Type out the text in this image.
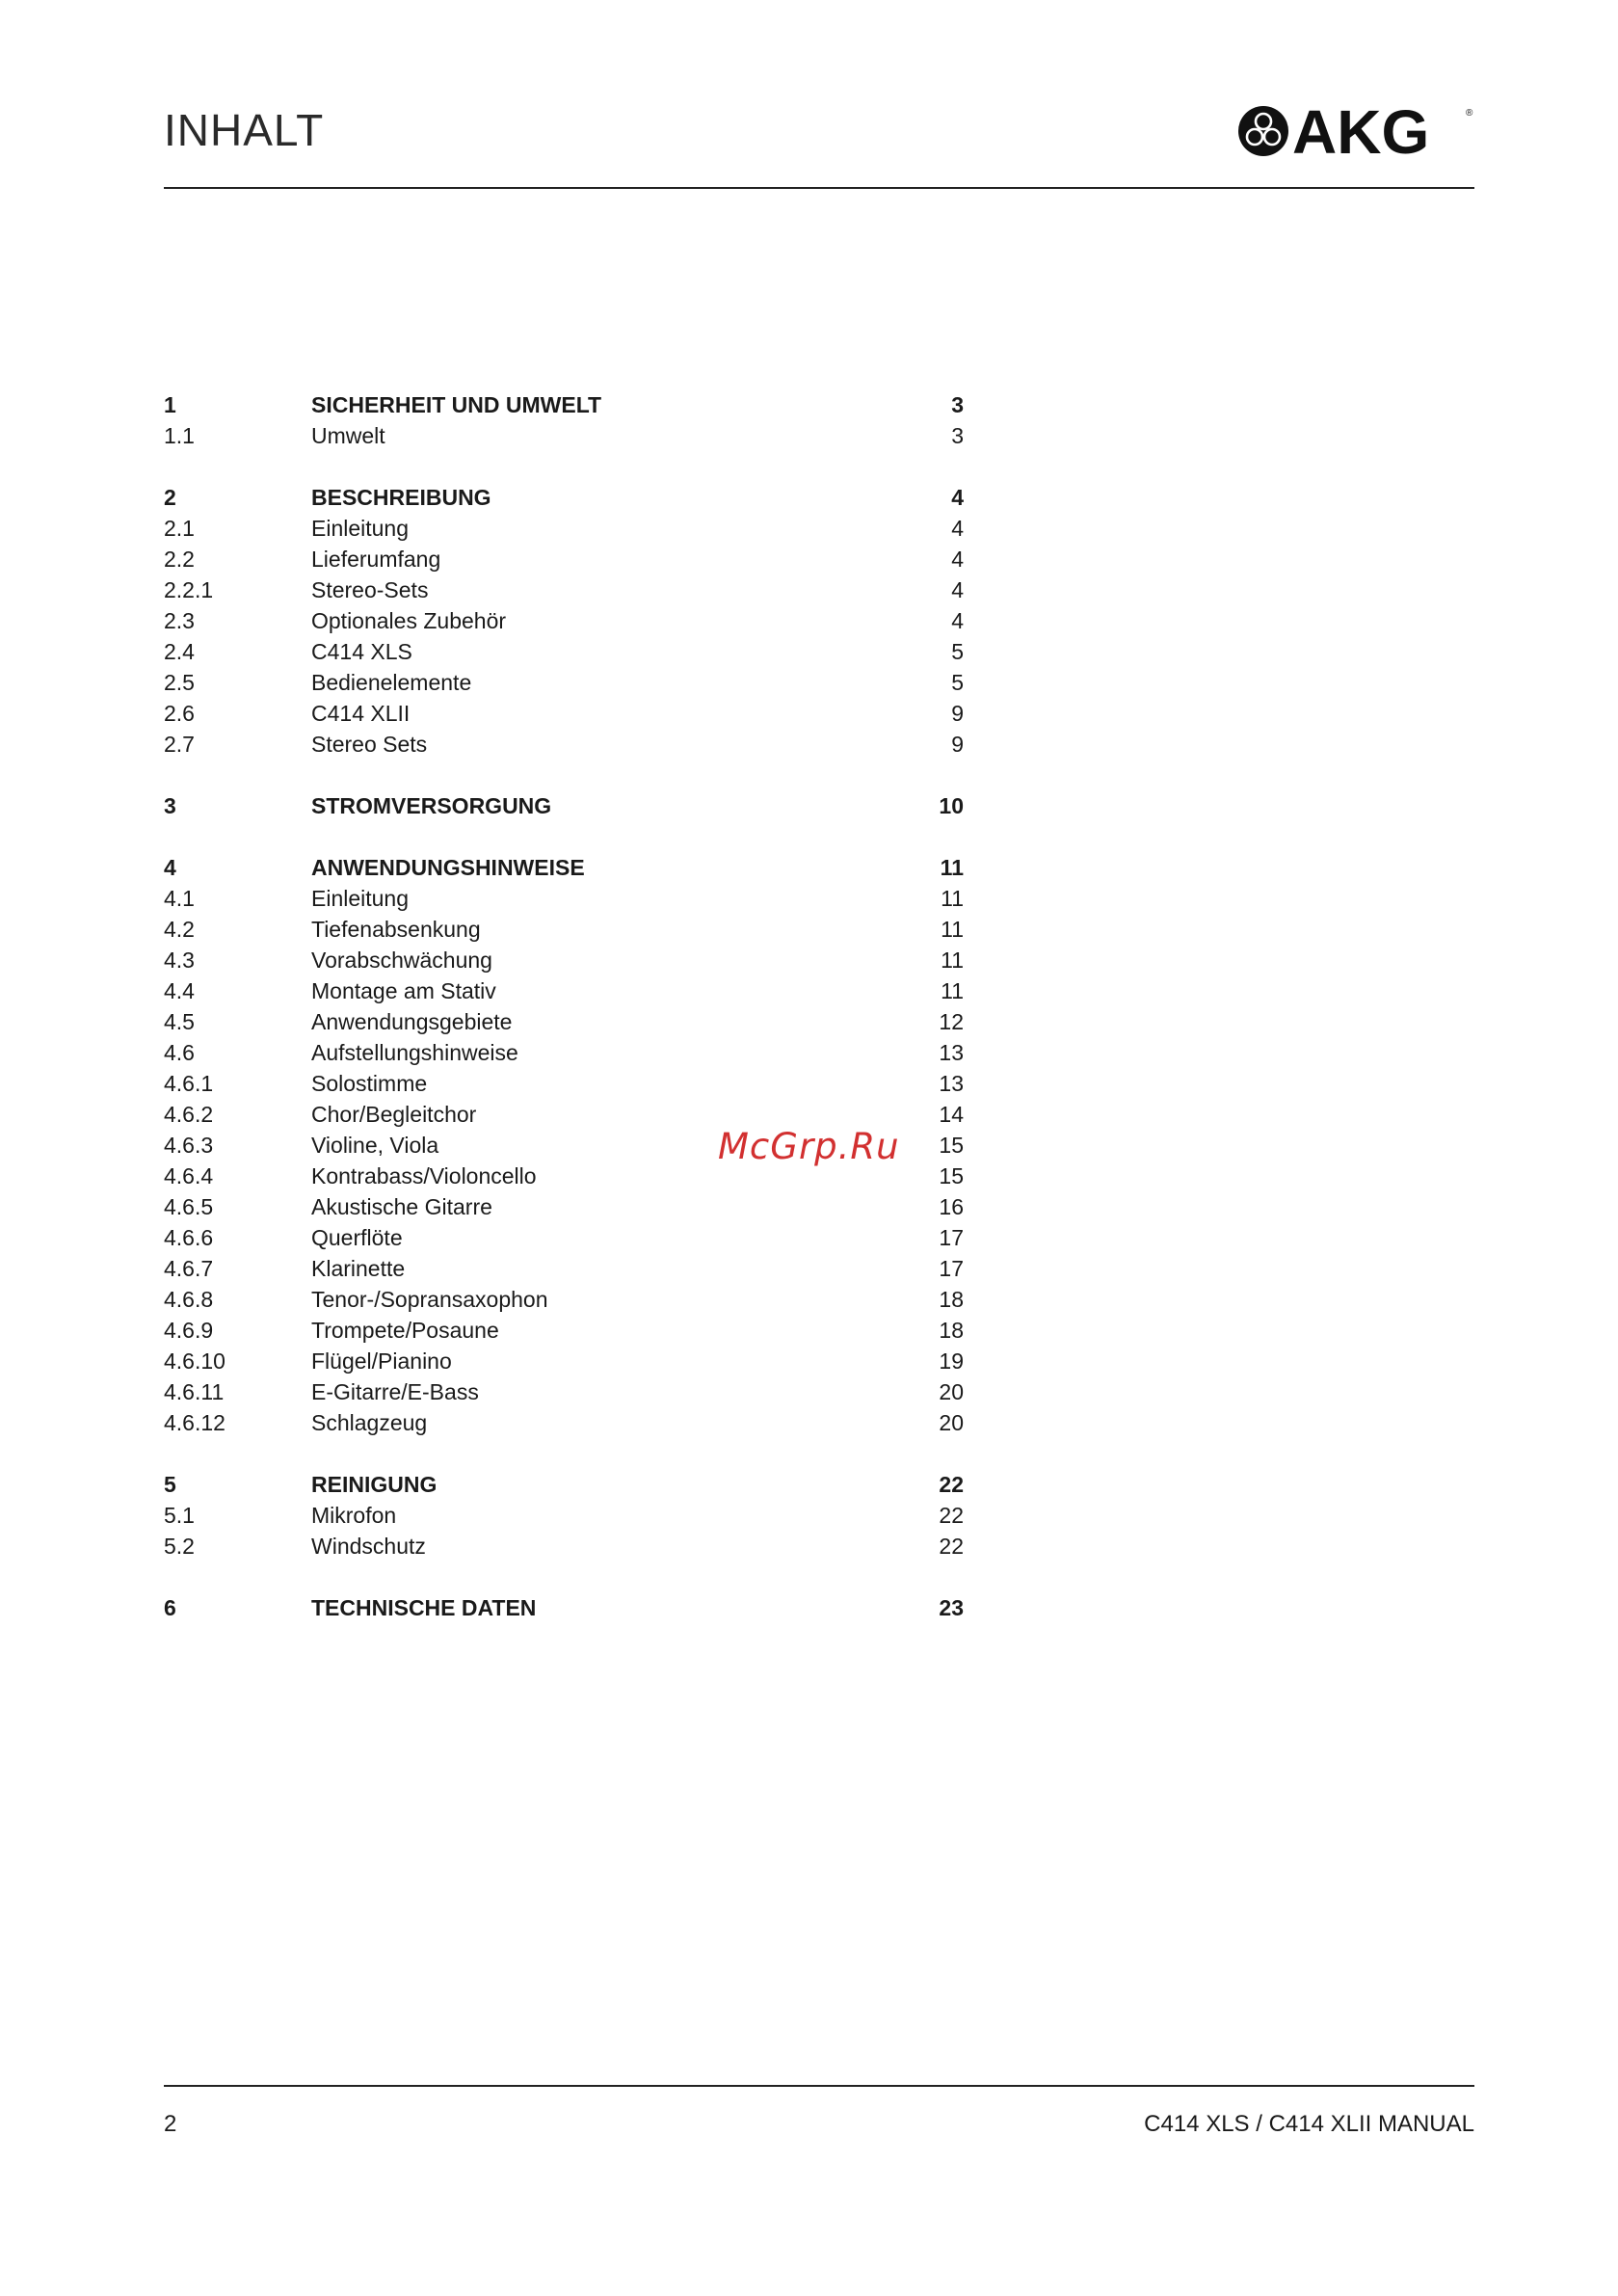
INHALT	AKG	®
1	SICHERHEIT UND UMWELT	3
1.1	Umwelt	3
2	BESCHREIBUNG	4
2.1	Einleitung	4
2.2	Lieferumfang	4
2.2.1	Stereo-Sets	4
2.3	Optionales Zubehör	4
2.4	C414 XLS	5
2.5	Bedienelemente	5
2.6	C414 XLII	9
2.7	Stereo Sets	9
3	STROMVERSORGUNG	10
4	ANWENDUNGSHINWEISE	11
4.1	Einleitung	11
4.2	Tiefenabsenkung	11
4.3	Vorabschwächung	11
4.4	Montage am Stativ	11
4.5	Anwendungsgebiete	12
4.6	Aufstellungshinweise	13
4.6.1	Solostimme	13
4.6.2	Chor/Begleitchor	14
4.6.3	Violine, Viola	15
4.6.4	Kontrabass/Violoncello	15
4.6.5	Akustische Gitarre	16
4.6.6	Querflöte	17
4.6.7	Klarinette	17
4.6.8	Tenor-/Sopransaxophon	18
4.6.9	Trompete/Posaune	18
4.6.10	Flügel/Pianino	19
4.6.11	E-Gitarre/E-Bass	20
4.6.12	Schlagzeug	20
5	REINIGUNG	22
5.1	Mikrofon	22
5.2	Windschutz	22
6	TECHNISCHE DATEN	23
McGrp.Ru
2	C414 XLS / C414 XLII MANUAL
